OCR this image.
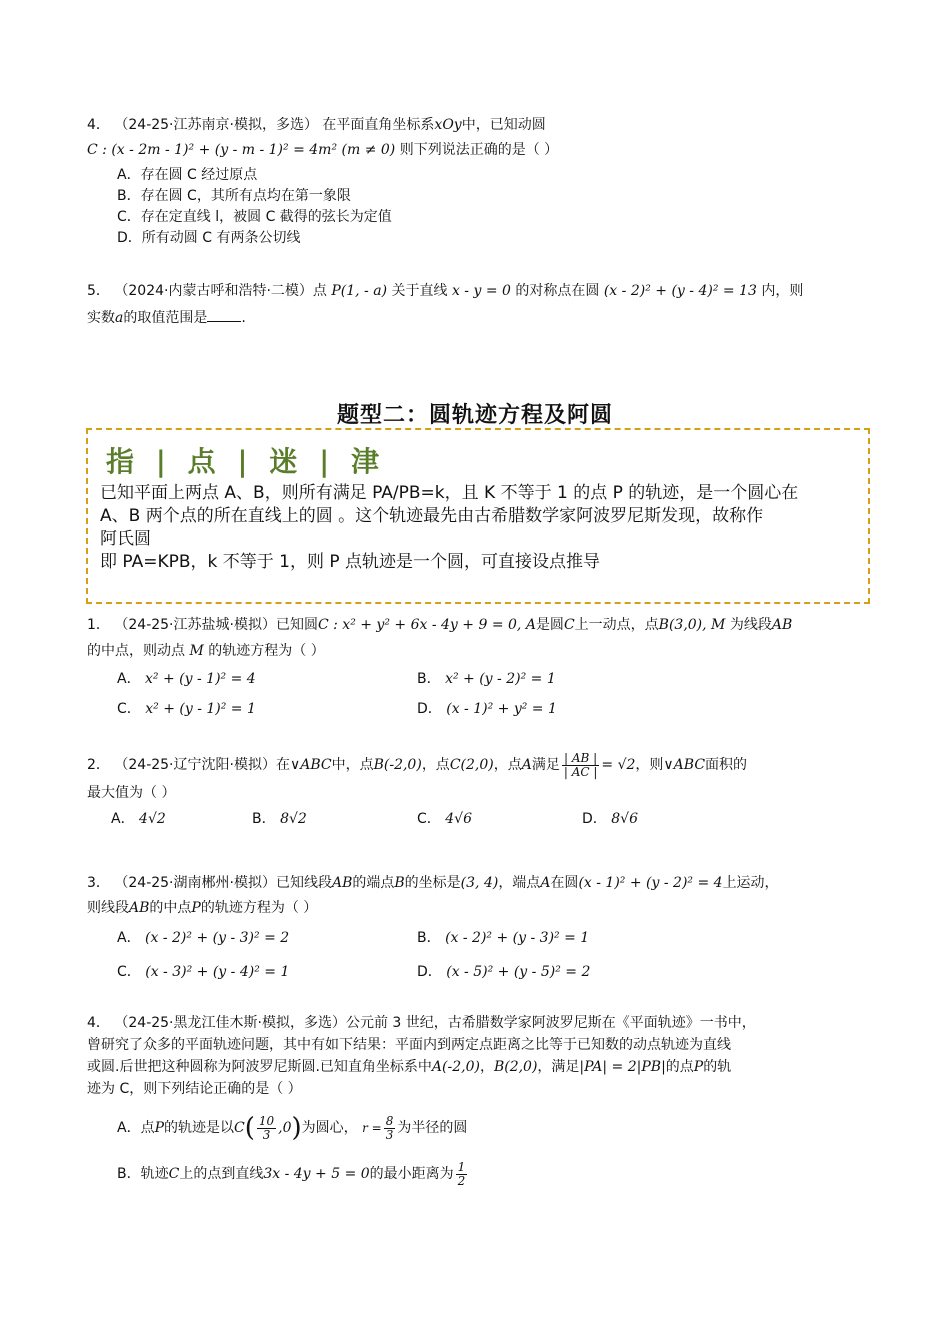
4． （24-25·江苏南京·模拟，多选） 在平面直角坐标系xOy中，已知动圆
C : (x - 2m - 1)² + (y - m - 1)² = 4m² (m ≠ 0) 则下列说法正确的是（ ）
A．存在圆 C 经过原点
B．存在圆 C，其所有点均在第一象限
C．存在定直线 l，被圆 C 截得的弦长为定值
D．所有动圆 C 有两条公切线
5． （2024·内蒙古呼和浩特·二模）点 P(1, - a) 关于直线 x - y = 0 的对称点在圆 (x - 2)² + (y - 4)² = 13 内，则
实数a的取值范围是 .
题型二：圆轨迹方程及阿圆
指 | 点 | 迷 | 津
已知平面上两点 A、B，则所有满足 PA/PB=k，且 K 不等于 1 的点 P 的轨迹，是一个圆心在
A、B 两个点的所在直线上的圆 。这个轨迹最先由古希腊数学家阿波罗尼斯发现，故称作
阿氏圆
即 PA=KPB，k 不等于 1，则 P 点轨迹是一个圆，可直接设点推导
1． （24-25·江苏盐城·模拟）已知圆C : x² + y² + 6x - 4y + 9 = 0, A是圆C上一动点，点B(3,0), M 为线段AB
的中点，则动点 M 的轨迹方程为（ ）
A． x² + (y - 1)² = 4	B． x² + (y - 2)² = 1
C． x² + (y - 1)² = 1	D． (x - 1)² + y² = 1
2． （24-25·辽宁沈阳·模拟）在∨ABC中，点B(-2,0)，点C(2,0)，点A满足 $\frac{| AB |}{| AC |} = √2$，则∨ABC面积的
最大值为（ ）
A． 4√2	B． 8√2	C． 4√6	D． 8√6
3． （24-25·湖南郴州·模拟）已知线段AB的端点B的坐标是(3, 4)，端点A在圆(x - 1)² + (y - 2)² = 4上运动，
则线段AB的中点P的轨迹方程为（ ）
A． (x - 2)² + (y - 3)² = 2	B． (x - 2)² + (y - 3)² = 1
C． (x - 3)² + (y - 4)² = 1	D． (x - 5)² + (y - 5)² = 2
4． （24-25·黑龙江佳木斯·模拟，多选）公元前 3 世纪，古希腊数学家阿波罗尼斯在《平面轨迹》一书中，
曾研究了众多的平面轨迹问题，其中有如下结果：平面内到两定点距离之比等于已知数的动点轨迹为直线
或圆.后世把这种圆称为阿波罗尼斯圆.已知直角坐标系中A(-2,0)，B(2,0)，满足|PA| = 2|PB|的点P的轨
迹为 C，则下列结论正确的是（ ）
A．点P的轨迹是以$C( \frac{10}{3} ,0)$为圆心， $r = \frac{8}{3}$ 为半径的圆
B．轨迹C上的点到直线3x - 4y + 5 = 0的最小距离为 $\frac{1}{2}$
